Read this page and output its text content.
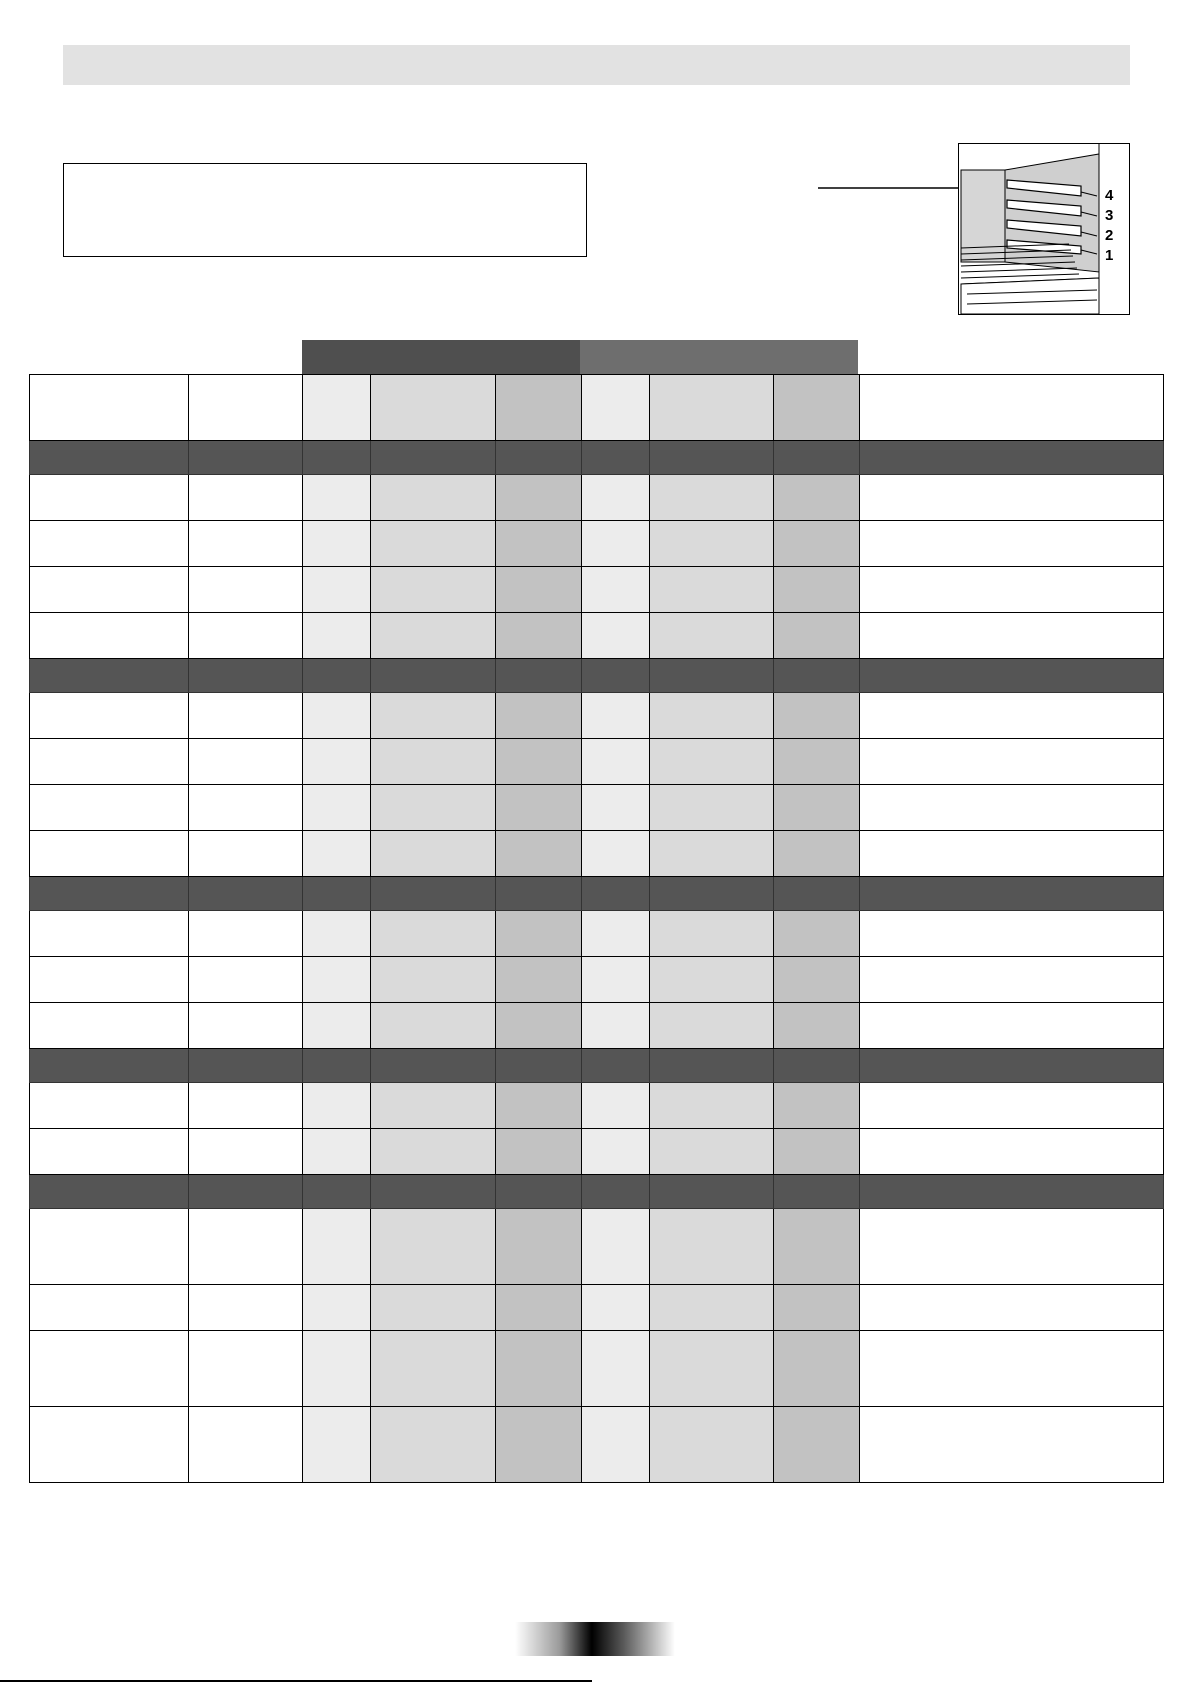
4
3
2
1
